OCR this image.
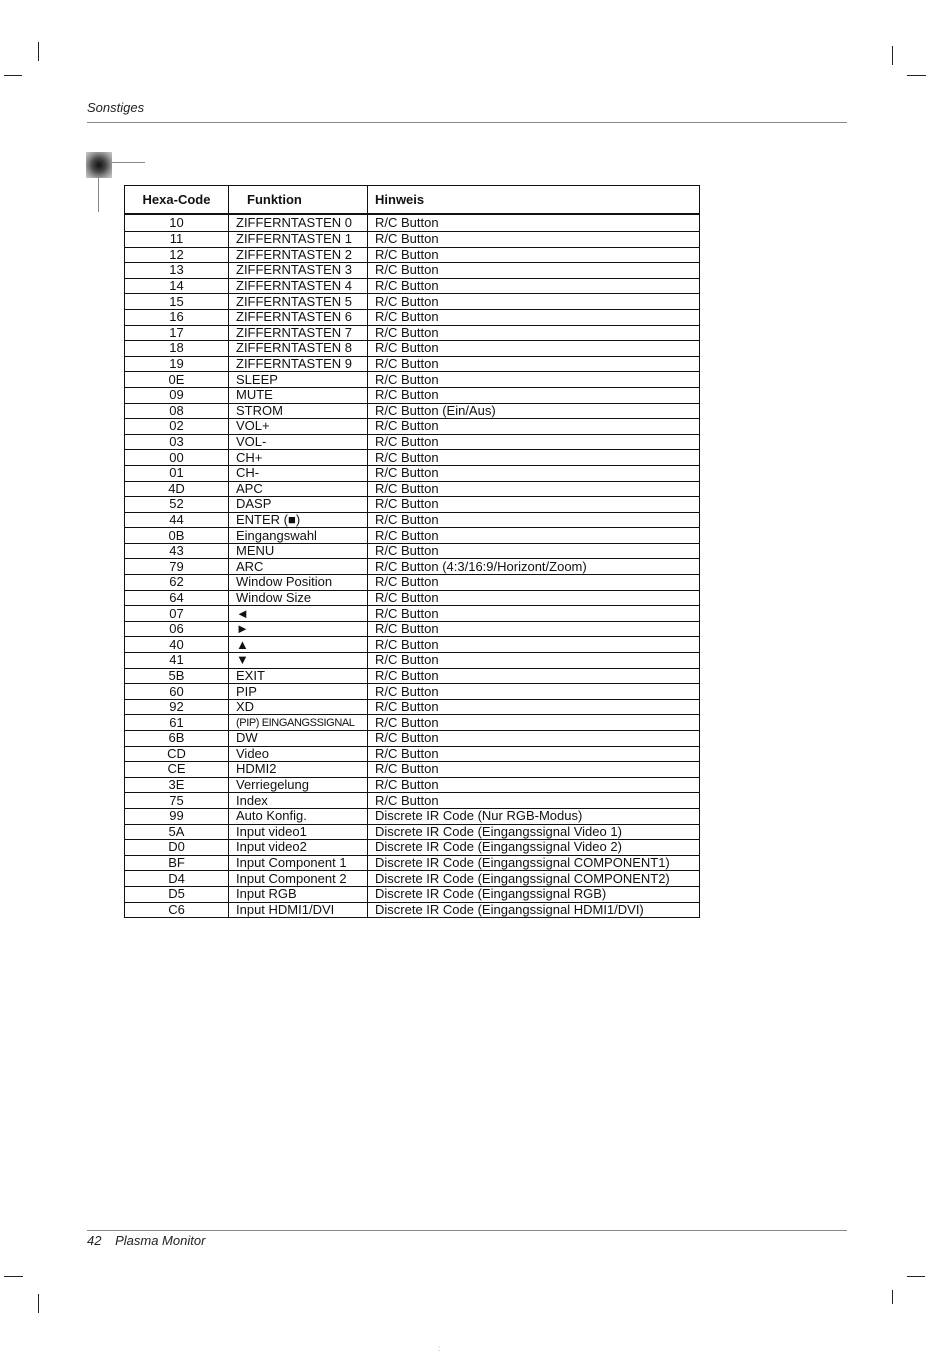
Sonstiges
Hexa-Code	Funktion	Hinweis
10	ZIFFERNTASTEN 0	R/C Button
11	ZIFFERNTASTEN 1	R/C Button
12	ZIFFERNTASTEN 2	R/C Button
13	ZIFFERNTASTEN 3	R/C Button
14	ZIFFERNTASTEN 4	R/C Button
15	ZIFFERNTASTEN 5	R/C Button
16	ZIFFERNTASTEN 6	R/C Button
17	ZIFFERNTASTEN 7	R/C Button
18	ZIFFERNTASTEN 8	R/C Button
19	ZIFFERNTASTEN 9	R/C Button
0E	SLEEP	R/C Button
09	MUTE	R/C Button
08	STROM	R/C Button (Ein/Aus)
02	VOL+	R/C Button
03	VOL-	R/C Button
00	CH+	R/C Button
01	CH-	R/C Button
4D	APC	R/C Button
52	DASP	R/C Button
44	ENTER (■)	R/C Button
0B	Eingangswahl	R/C Button
43	MENU	R/C Button
79	ARC	R/C Button (4:3/16:9/Horizont/Zoom)
62	Window Position	R/C Button
64	Window Size	R/C Button
07	◄	R/C Button
06	►	R/C Button
40	▲	R/C Button
41	▼	R/C Button
5B	EXIT	R/C Button
60	PIP	R/C Button
92	XD	R/C Button
61	(PIP) EINGANGSSIGNAL	R/C Button
6B	DW	R/C Button
CD	Video	R/C Button
CE	HDMI2	R/C Button
3E	Verriegelung	R/C Button
75	Index	R/C Button
99	Auto Konfig.	Discrete IR Code (Nur RGB-Modus)
5A	Input video1	Discrete IR Code (Eingangssignal Video 1)
D0	Input video2	Discrete IR Code (Eingangssignal Video 2)
BF	Input Component 1	Discrete IR Code (Eingangssignal COMPONENT1)
D4	Input Component 2	Discrete IR Code (Eingangssignal COMPONENT2)
D5	Input RGB	Discrete IR Code (Eingangssignal RGB)
C6	Input HDMI1/DVI	Discrete IR Code (Eingangssignal HDMI1/DVI)
42 Plasma Monitor
:
